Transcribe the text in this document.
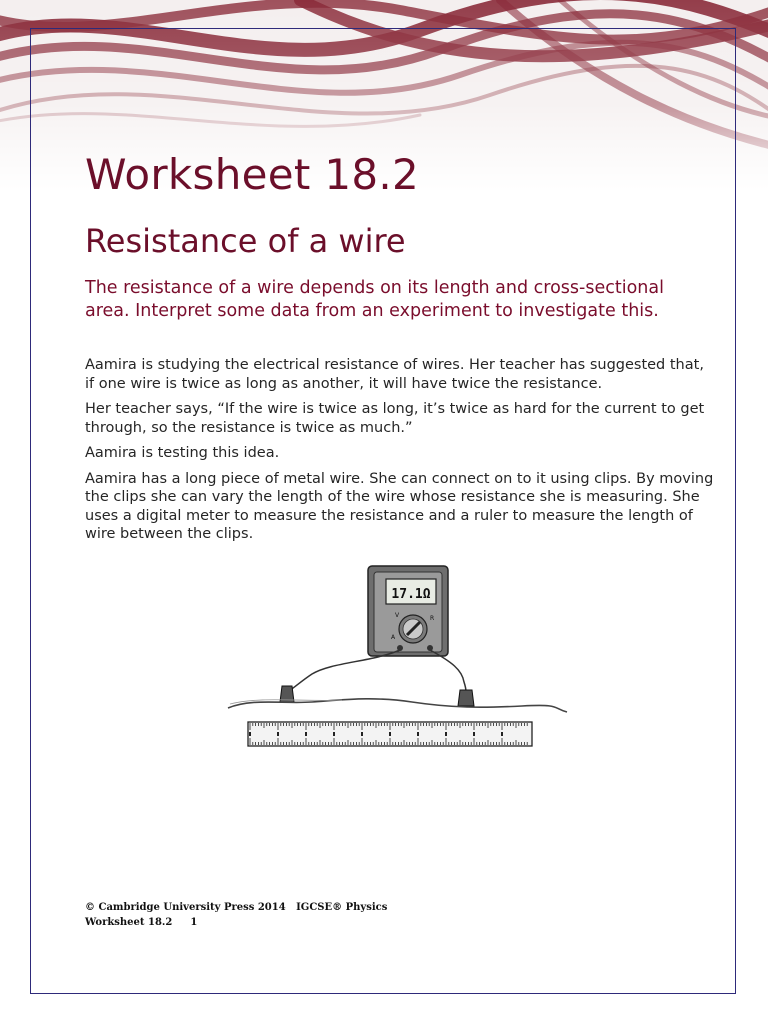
Worksheet 18.2
Resistance of a wire

The resistance of a wire depends on its length and cross-sectional area. Interpret some data from an experiment to investigate this.

Aamira is studying the electrical resistance of wires. Her teacher has suggested that, if one wire is twice as long as another, it will have twice the resistance.

Her teacher says, “If the wire is twice as long, it’s twice as hard for the current to get through, so the resistance is twice as much.”

Aamira is testing this idea.

Aamira has a long piece of metal wire. She can connect on to it using clips. By moving the clips she can vary the length of the wire whose resistance she is measuring. She uses a digital meter to measure the resistance and a ruler to measure the length of wire between the clips.

17.1Ω
V	R
A

© Cambridge University Press 2014   IGCSE® Physics

Worksheet 18.2 1
